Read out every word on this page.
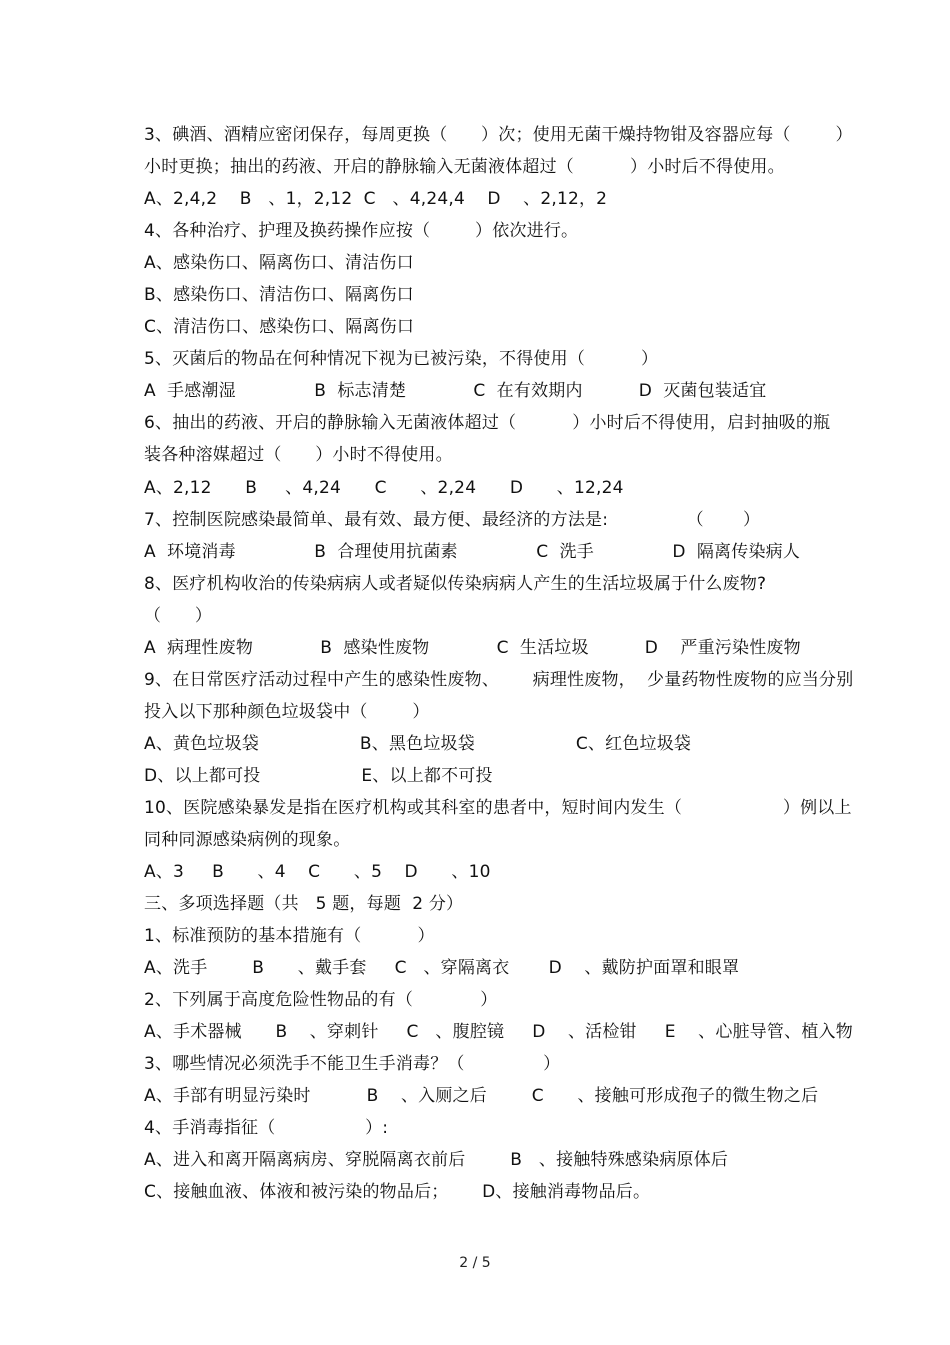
3、碘酒、酒精应密闭保存，每周更换（      ）次；使用无菌干燥持物钳及容器应每（        ）
小时更换；抽出的药液、开启的静脉输入无菌液体超过（          ）小时后不得使用。
A、2,4,2    B   、1，2,12  C   、4,24,4    D    、2,12，2
4、各种治疗、护理及换药操作应按（        ）依次进行。
A、感染伤口、隔离伤口、清洁伤口
B、感染伤口、清洁伤口、隔离伤口
C、清洁伤口、感染伤口、隔离伤口
5、灭菌后的物品在何种情况下视为已被污染，不得使用（          ）
A  手感潮湿              B  标志清楚            C  在有效期内          D  灭菌包装适宜
6、抽出的药液、开启的静脉输入无菌液体超过（          ）小时后不得使用，启封抽吸的瓶
装各种溶媒超过（      ）小时不得使用。
A、2,12      B     、4,24      C      、2,24      D      、12,24
7、控制医院感染最简单、最有效、最方便、最经济的方法是:              （       ）
A  环境消毒              B  合理使用抗菌素              C  洗手              D  隔离传染病人
8、医疗机构收治的传染病病人或者疑似传染病病人产生的生活垃圾属于什么废物?
（      ）
A  病理性废物            B  感染性废物            C  生活垃圾          D    严重污染性废物
9、在日常医疗活动过程中产生的感染性废物、      病理性废物，  少量药物性废物的应当分别
投入以下那种颜色垃圾袋中（        ）
A、黄色垃圾袋                  B、黑色垃圾袋                  C、红色垃圾袋
D、以上都可投                  E、以上都不可投
10、医院感染暴发是指在医疗机构或其科室的患者中，短时间内发生（                  ）例以上
同种同源感染病例的现象。
A、3     B      、4    C      、5    D      、10
三、多项选择题（共   5 题，每题  2 分）
1、标准预防的基本措施有（          ）
A、洗手        B      、戴手套     C   、穿隔离衣       D    、戴防护面罩和眼罩
2、下列属于高度危险性物品的有（            ）
A、手术器械      B    、穿刺针     C   、腹腔镜     D    、活检钳     E    、心脏导管、植入物
3、哪些情况必须洗手不能卫生手消毒？（              ）
A、手部有明显污染时          B    、入厕之后        C      、接触可形成孢子的微生物之后
4、手消毒指征（                ）:
A、进入和离开隔离病房、穿脱隔离衣前后        B   、接触特殊感染病原体后
C、接触血液、体液和被污染的物品后；      D、接触消毒物品后。
2 / 5
